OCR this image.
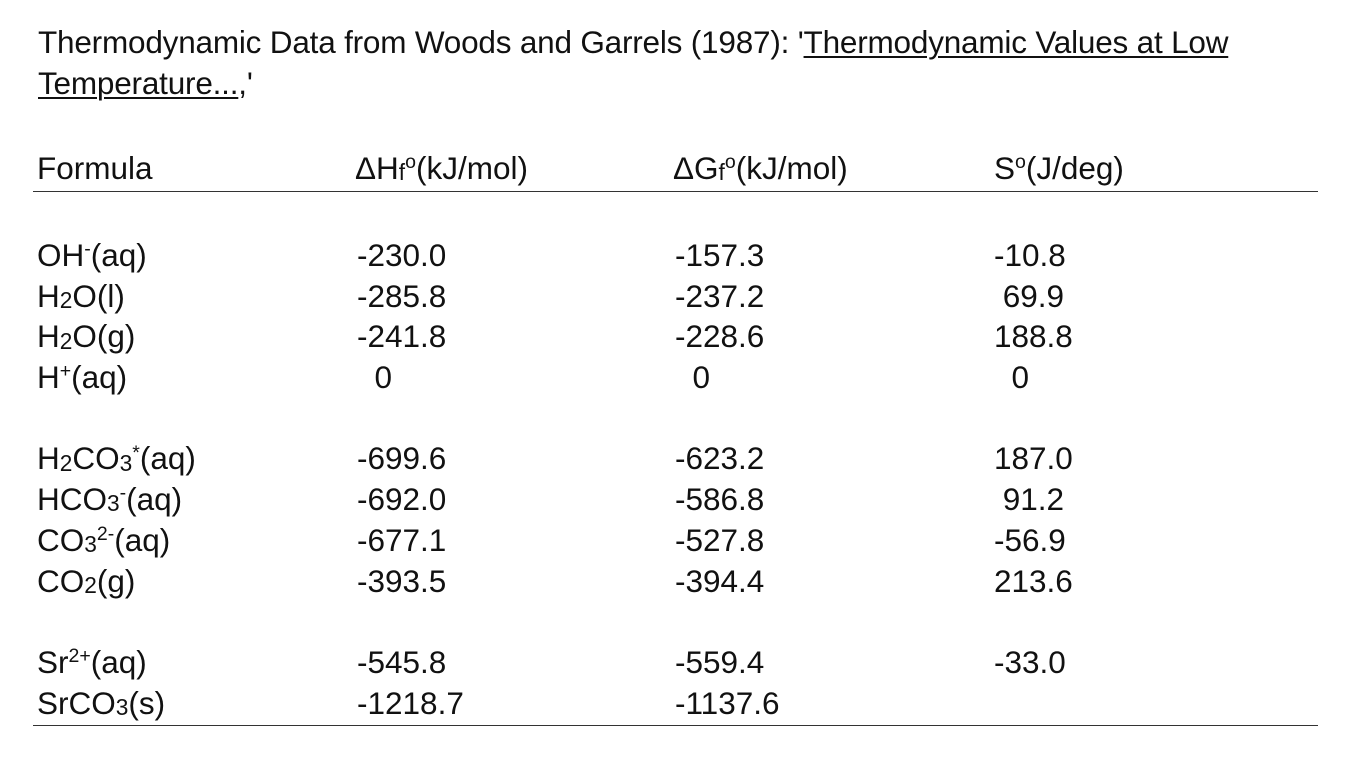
Thermodynamic Data from Woods and Garrels (1987): 'Thermodynamic Values at Low Temperature...,'
Formula	$\Delta H_f^o(kJ/mol)$	$\Delta G_f^o(kJ/mol)$	$S^o(J/deg)$
OH-(aq)	-230.0	-157.3	-10.8
$H_2O(l)$	-285.8	-237.2	69.9
$H_2O(g)$	-241.8	-228.6	188.8
H+(aq)	0	0	0
$H_2CO_3^*(aq)$	-699.6	-623.2	187.0
$HCO_3^-(aq)$	-692.0	-586.8	91.2
$CO_3^{2-}(aq)$	-677.1	-527.8	-56.9
$CO_2(g)$	-393.5	-394.4	213.6
$Sr^{2+}(aq)$	-545.8	-559.4	-33.0
SrCO$_3$(s)	-1218.7	-1137.6
